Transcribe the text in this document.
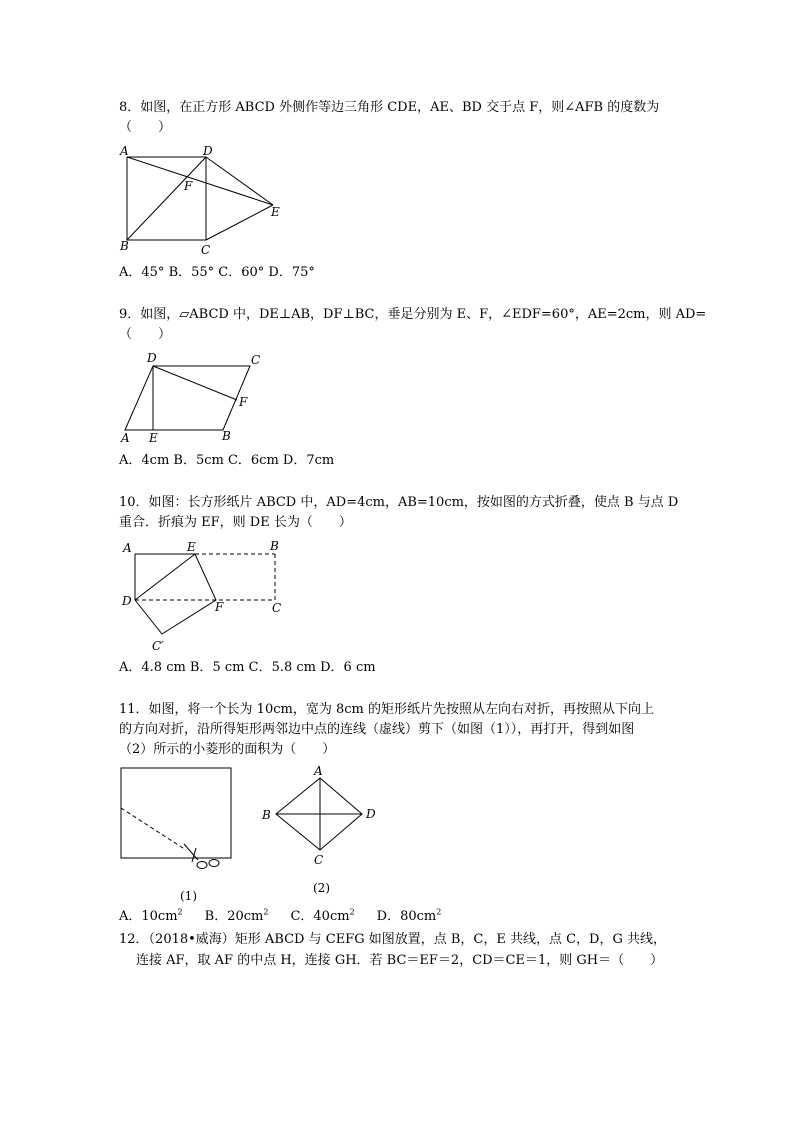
8．如图，在正方形 ABCD 外侧作等边三角形 CDE，AE、BD 交于点 F，则∠AFB 的度数为
（　　）
A	D
F
E
B	C
A．45° B．55° C．60° D．75°
9．如图，▱ABCD 中，DE⊥AB，DF⊥BC，垂足分别为 E、F，∠EDF=60°，AE=2cm，则 AD=
（　　）
D	C
F
A E	B
A．4cm B．5cm C．6cm D．7cm
10．如图：长方形纸片 ABCD 中，AD=4cm，AB=10cm，按如图的方式折叠，使点 B 与点 D
重合．折痕为 EF，则 DE 长为（　　）
A	E	B
D	F	C
C′
A．4.8 cm B．5 cm C．5.8 cm D．6 cm
11．如图，将一个长为 10cm，宽为 8cm 的矩形纸片先按照从左向右对折，再按照从下向上
的方向对折，沿所得矩形两邻边中点的连线（虚线）剪下（如图（1）），再打开，得到如图
（2）所示的小菱形的面积为（　　）
(1)
A
B	D
C
(2)
A．$10cm^2$ B．$20cm^2$ C．$40cm^2$ D．$80cm^2$
12．（2018•威海）矩形 ABCD 与 CEFG 如图放置，点 B，C，E 共线，点 C，D，G 共线，
连接 AF，取 AF 的中点 H，连接 GH．若 BC＝EF＝2，CD＝CE＝1，则 GH＝（　　）
